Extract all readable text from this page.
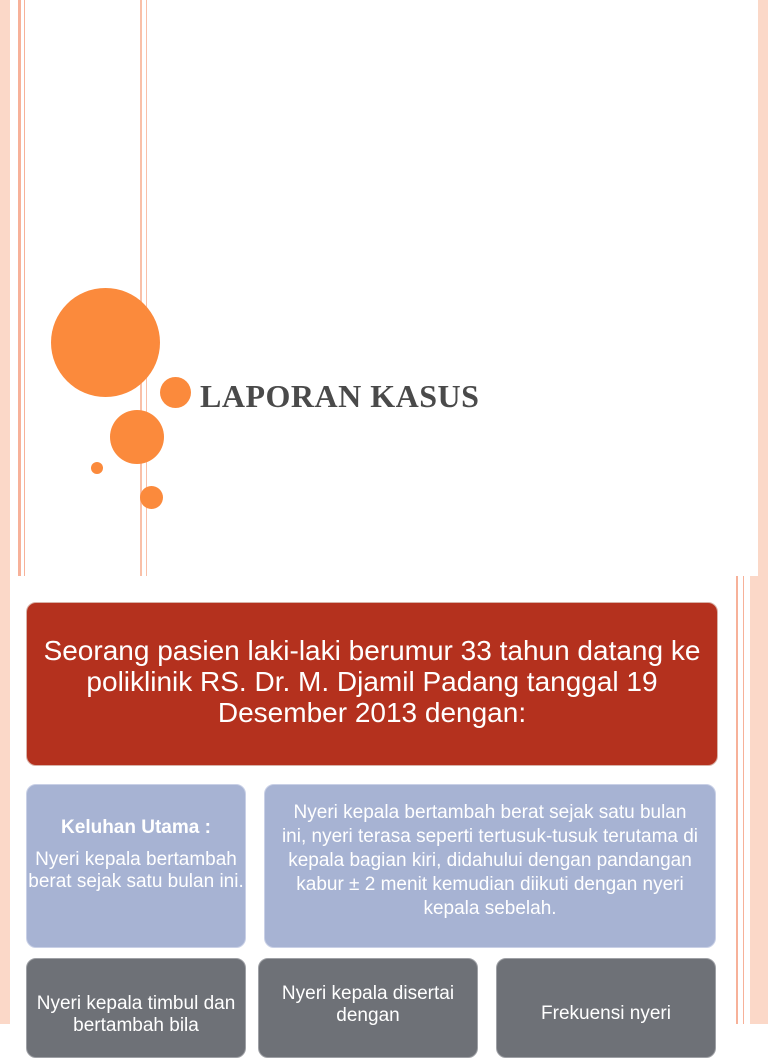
LAPORAN KASUS
Seorang pasien laki-laki berumur 33 tahun datang ke poliklinik RS. Dr. M. Djamil Padang tanggal 19 Desember 2013 dengan:
Keluhan Utama :
Nyeri kepala bertambah berat sejak satu bulan ini.
Nyeri kepala bertambah berat sejak satu bulan ini, nyeri terasa seperti tertusuk-tusuk terutama di kepala bagian kiri, didahului dengan pandangan kabur ± 2 menit kemudian diikuti dengan nyeri kepala sebelah.
Nyeri kepala timbul dan bertambah bila
Nyeri kepala disertai dengan	Frekuensi nyeri
